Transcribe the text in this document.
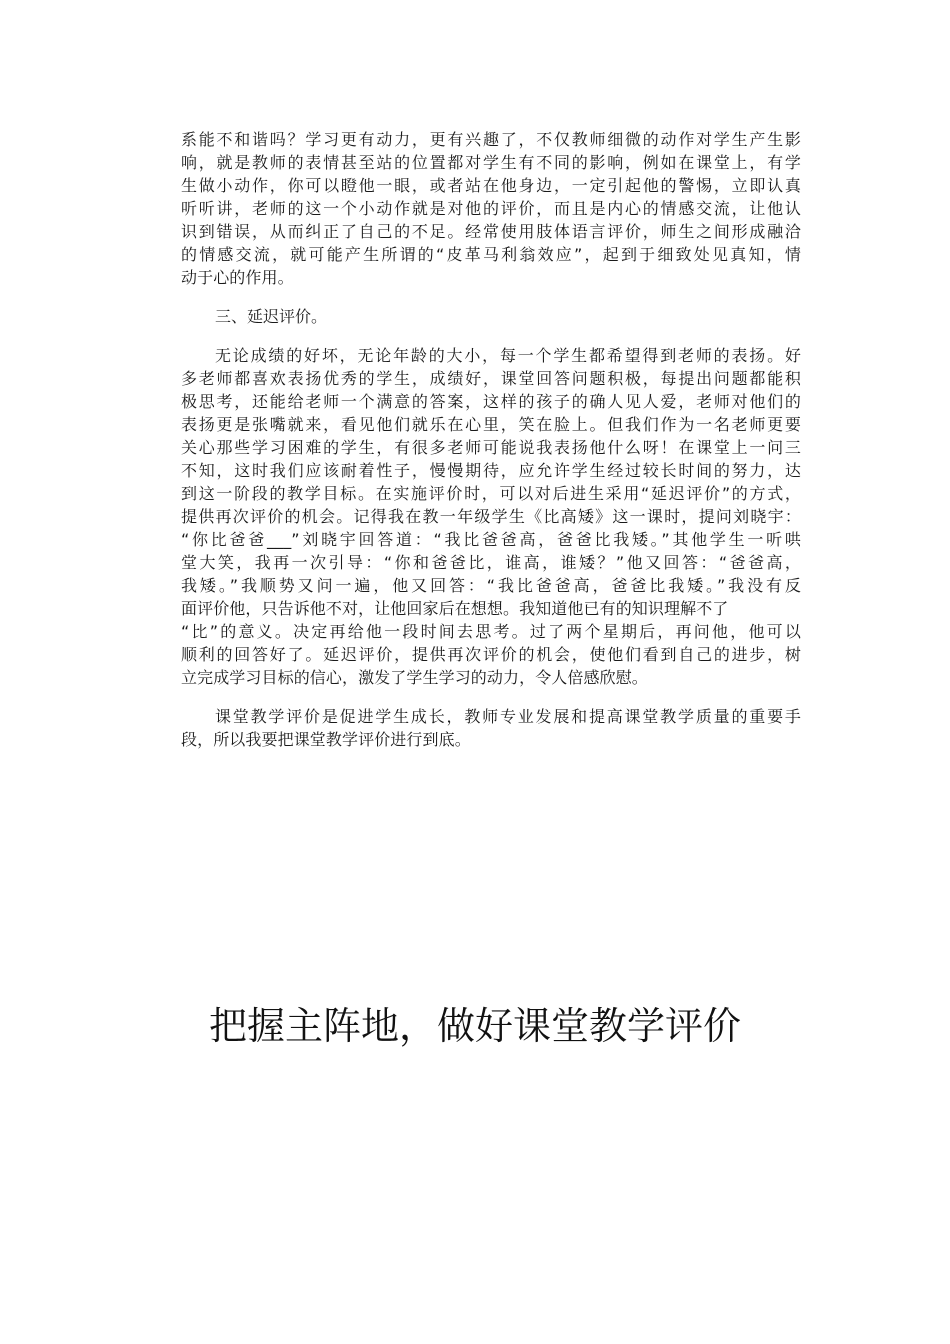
系能不和谐吗？学习更有动力，更有兴趣了，不仅教师细微的动作对学生产生影
响，就是教师的表情甚至站的位置都对学生有不同的影响，例如在课堂上，有学
生做小动作，你可以瞪他一眼，或者站在他身边，一定引起他的警惕，立即认真
听听讲，老师的这一个小动作就是对他的评价，而且是内心的情感交流，让他认
识到错误，从而纠正了自己的不足。经常使用肢体语言评价，师生之间形成融洽
的情感交流，就可能产生所谓的“皮革马利翁效应”，起到于细致处见真知，情
动于心的作用。
三、延迟评价。
无论成绩的好坏，无论年龄的大小，每一个学生都希望得到老师的表扬。好
多老师都喜欢表扬优秀的学生，成绩好，课堂回答问题积极，每提出问题都能积
极思考，还能给老师一个满意的答案，这样的孩子的确人见人爱，老师对他们的
表扬更是张嘴就来，看见他们就乐在心里，笑在脸上。但我们作为一名老师更要
关心那些学习困难的学生，有很多老师可能说我表扬他什么呀！在课堂上一问三
不知，这时我们应该耐着性子，慢慢期待，应允许学生经过较长时间的努力，达
到这一阶段的教学目标。在实施评价时，可以对后进生采用“延迟评价”的方式，
提供再次评价的机会。记得我在教一年级学生《比高矮》这一课时，提问刘晓宇：
“你比爸爸___”刘晓宇回答道：“我比爸爸高，爸爸比我矮。”其他学生一听哄
堂大笑，我再一次引导：“你和爸爸比，谁高，谁矮？”他又回答：“爸爸高，
我矮。”我顺势又问一遍，他又回答：“我比爸爸高，爸爸比我矮。”我没有反
面评价他，只告诉他不对，让他回家后在想想。我知道他已有的知识理解不了
“比”的意义。决定再给他一段时间去思考。过了两个星期后，再问他，他可以
顺利的回答好了。延迟评价，提供再次评价的机会，使他们看到自己的进步，树
立完成学习目标的信心，激发了学生学习的动力，令人倍感欣慰。
课堂教学评价是促进学生成长，教师专业发展和提高课堂教学质量的重要手
段，所以我要把课堂教学评价进行到底。
把握主阵地，做好课堂教学评价
